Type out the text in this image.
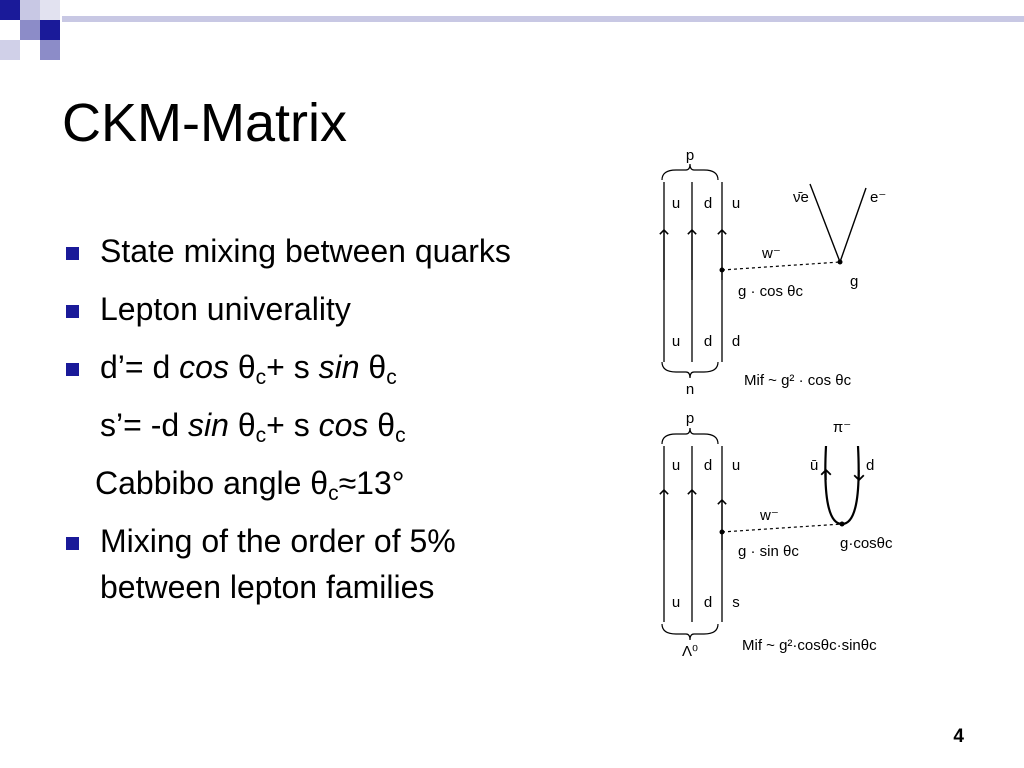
CKM-Matrix
State mixing between quarks
Lepton univerality
d’= d $\cos \theta_c+ s$ $\sin \theta_c$
s’= -d $\sin \theta_c+ s$ $\cos \theta_c$
Cabbibo angle $\theta_c\approx 13^\circ$
Mixing of the order of 5%
between lepton families
p
u d u
u d d
n
w⁻
g · cos θc
ν̄e	e⁻
g
Mif ~ g² · cos θc
p
u d u
u d s
Λ⁰
w⁻
g · sin θc
π⁻
ū	d
g·cosθc
Mif ~ g²·cosθc·sinθc
4
